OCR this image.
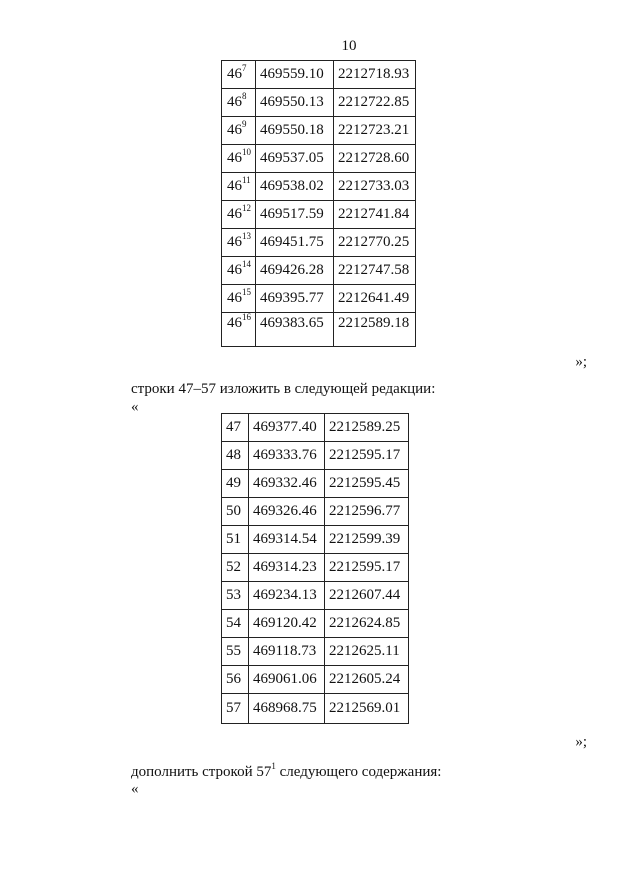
10
$46^7$	469559.10	2212718.93
$46^8$	469550.13	2212722.85
$46^9$	469550.18	2212723.21
$46^{10}$	469537.05	2212728.60
$46^{11}$	469538.02	2212733.03
$46^{12}$	469517.59	2212741.84
$46^{13}$	469451.75	2212770.25
$46^{14}$	469426.28	2212747.58
$46^{15}$	469395.77	2212641.49
$46^{16}$	469383.65	2212589.18
»;
строки 47–57 изложить в следующей редакции:
«
47	469377.40	2212589.25
48	469333.76	2212595.17
49	469332.46	2212595.45
50	469326.46	2212596.77
51	469314.54	2212599.39
52	469314.23	2212595.17
53	469234.13	2212607.44
54	469120.42	2212624.85
55	469118.73	2212625.11
56	469061.06	2212605.24
57	468968.75	2212569.01
»;
дополнить строкой $57^1$ следующего содержания:
«
